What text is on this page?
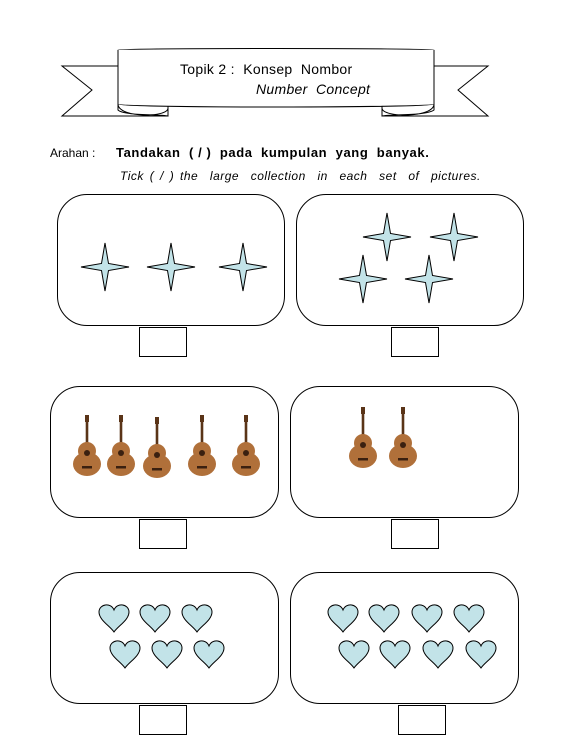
Topik 2 :  Konsep  Nombor
Number  Concept
Arahan : Tandakan  ( / )  pada  kumpulan  yang  banyak.
Tick ( / ) the  large  collection  in  each  set  of  pictures.
